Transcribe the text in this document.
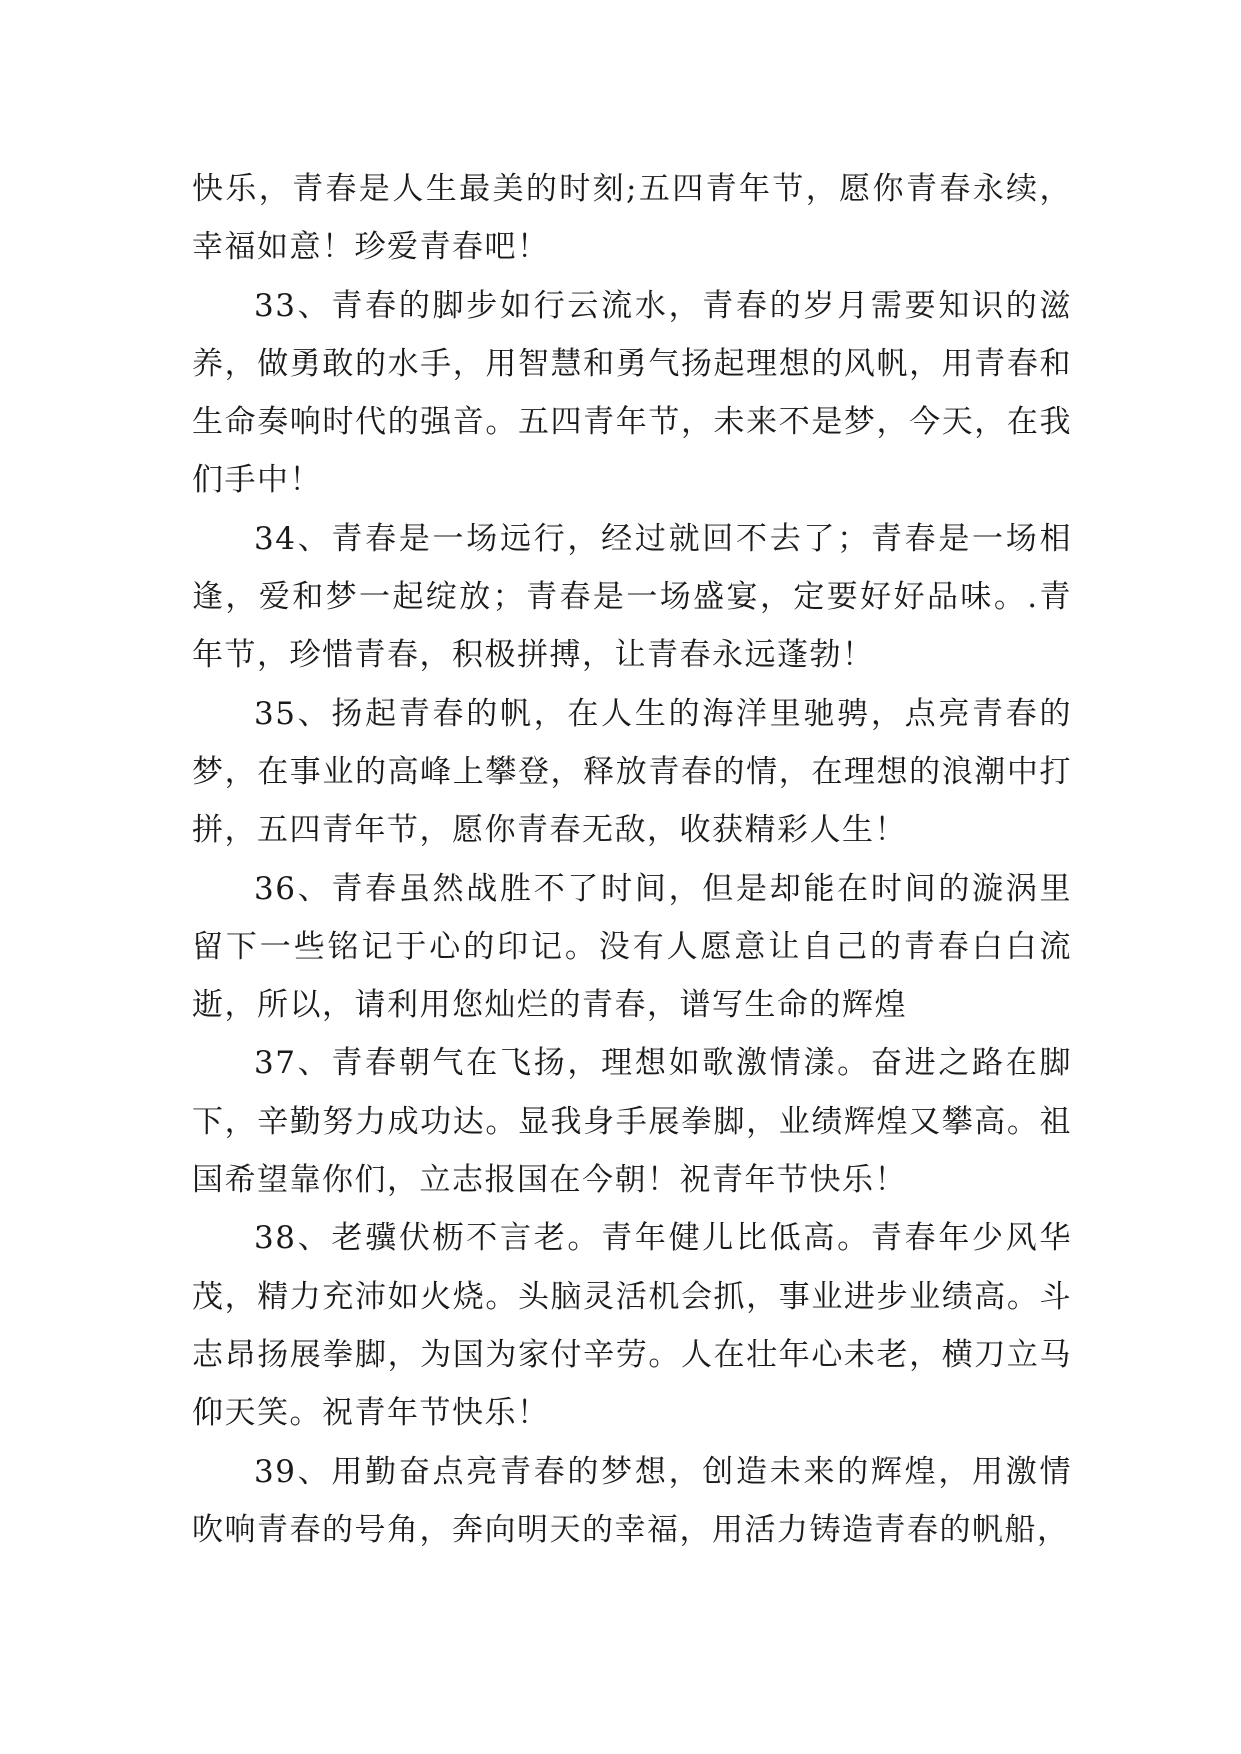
快乐，青春是人生最美的时刻;五四青年节，愿你青春永续，幸福如意！珍爱青春吧！

33、青春的脚步如行云流水，青春的岁月需要知识的滋养，做勇敢的水手，用智慧和勇气扬起理想的风帆，用青春和生命奏响时代的强音。五四青年节，未来不是梦，今天，在我们手中！

34、青春是一场远行，经过就回不去了；青春是一场相逢，爱和梦一起绽放；青春是一场盛宴，定要好好品味。.青年节，珍惜青春，积极拼搏，让青春永远蓬勃！

35、扬起青春的帆，在人生的海洋里驰骋，点亮青春的梦，在事业的高峰上攀登，释放青春的情，在理想的浪潮中打拼，五四青年节，愿你青春无敌，收获精彩人生！

36、青春虽然战胜不了时间，但是却能在时间的漩涡里留下一些铭记于心的印记。没有人愿意让自己的青春白白流逝，所以，请利用您灿烂的青春，谱写生命的辉煌

37、青春朝气在飞扬，理想如歌激情漾。奋进之路在脚下，辛勤努力成功达。显我身手展拳脚，业绩辉煌又攀高。祖国希望靠你们，立志报国在今朝！祝青年节快乐！

38、老骥伏枥不言老。青年健儿比低高。青春年少风华茂，精力充沛如火烧。头脑灵活机会抓，事业进步业绩高。斗志昂扬展拳脚，为国为家付辛劳。人在壮年心未老，横刀立马仰天笑。祝青年节快乐！

39、用勤奋点亮青春的梦想，创造未来的辉煌，用激情吹响青春的号角，奔向明天的幸福，用活力铸造青春的帆船，
